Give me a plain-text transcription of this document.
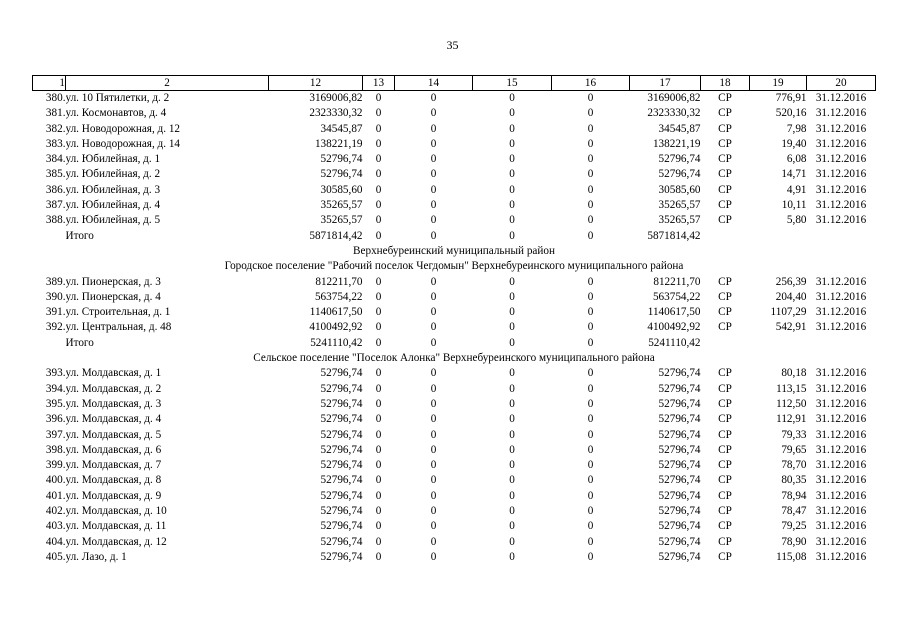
35
1	2	12	13	14	15	16	17	18	19	20
380.	ул. 10 Пятилетки, д. 2	3169006,82	0	0	0	0	3169006,82	СР	776,91	31.12.2016
381.	ул. Космонавтов, д. 4	2323330,32	0	0	0	0	2323330,32	СР	520,16	31.12.2016
382.	ул. Новодорожная, д. 12	34545,87	0	0	0	0	34545,87	СР	7,98	31.12.2016
383.	ул. Новодорожная, д. 14	138221,19	0	0	0	0	138221,19	СР	19,40	31.12.2016
384.	ул. Юбилейная, д. 1	52796,74	0	0	0	0	52796,74	СР	6,08	31.12.2016
385.	ул. Юбилейная, д. 2	52796,74	0	0	0	0	52796,74	СР	14,71	31.12.2016
386.	ул. Юбилейная, д. 3	30585,60	0	0	0	0	30585,60	СР	4,91	31.12.2016
387.	ул. Юбилейная, д. 4	35265,57	0	0	0	0	35265,57	СР	10,11	31.12.2016
388.	ул. Юбилейная, д. 5	35265,57	0	0	0	0	35265,57	СР	5,80	31.12.2016
	Итого	5871814,42	0	0	0	0	5871814,42			
Верхнебуреинский муниципальный район										
Городское поселение "Рабочий поселок Чегдомын" Верхнебуреинского муниципального района										
389.	ул. Пионерская, д. 3	812211,70	0	0	0	0	812211,70	СР	256,39	31.12.2016
390.	ул. Пионерская, д. 4	563754,22	0	0	0	0	563754,22	СР	204,40	31.12.2016
391.	ул. Строительная, д. 1	1140617,50	0	0	0	0	1140617,50	СР	1107,29	31.12.2016
392.	ул. Центральная, д. 48	4100492,92	0	0	0	0	4100492,92	СР	542,91	31.12.2016
	Итого	5241110,42	0	0	0	0	5241110,42			
Сельское поселение "Поселок Алонка" Верхнебуреинского муниципального района										
393.	ул. Молдавская, д. 1	52796,74	0	0	0	0	52796,74	СР	80,18	31.12.2016
394.	ул. Молдавская, д. 2	52796,74	0	0	0	0	52796,74	СР	113,15	31.12.2016
395.	ул. Молдавская, д. 3	52796,74	0	0	0	0	52796,74	СР	112,50	31.12.2016
396.	ул. Молдавская, д. 4	52796,74	0	0	0	0	52796,74	СР	112,91	31.12.2016
397.	ул. Молдавская, д. 5	52796,74	0	0	0	0	52796,74	СР	79,33	31.12.2016
398.	ул. Молдавская, д. 6	52796,74	0	0	0	0	52796,74	СР	79,65	31.12.2016
399.	ул. Молдавская, д. 7	52796,74	0	0	0	0	52796,74	СР	78,70	31.12.2016
400.	ул. Молдавская, д. 8	52796,74	0	0	0	0	52796,74	СР	80,35	31.12.2016
401.	ул. Молдавская, д. 9	52796,74	0	0	0	0	52796,74	СР	78,94	31.12.2016
402.	ул. Молдавская, д. 10	52796,74	0	0	0	0	52796,74	СР	78,47	31.12.2016
403.	ул. Молдавская, д. 11	52796,74	0	0	0	0	52796,74	СР	79,25	31.12.2016
404.	ул. Молдавская, д. 12	52796,74	0	0	0	0	52796,74	СР	78,90	31.12.2016
405.	ул. Лазо, д. 1	52796,74	0	0	0	0	52796,74	СР	115,08	31.12.2016
